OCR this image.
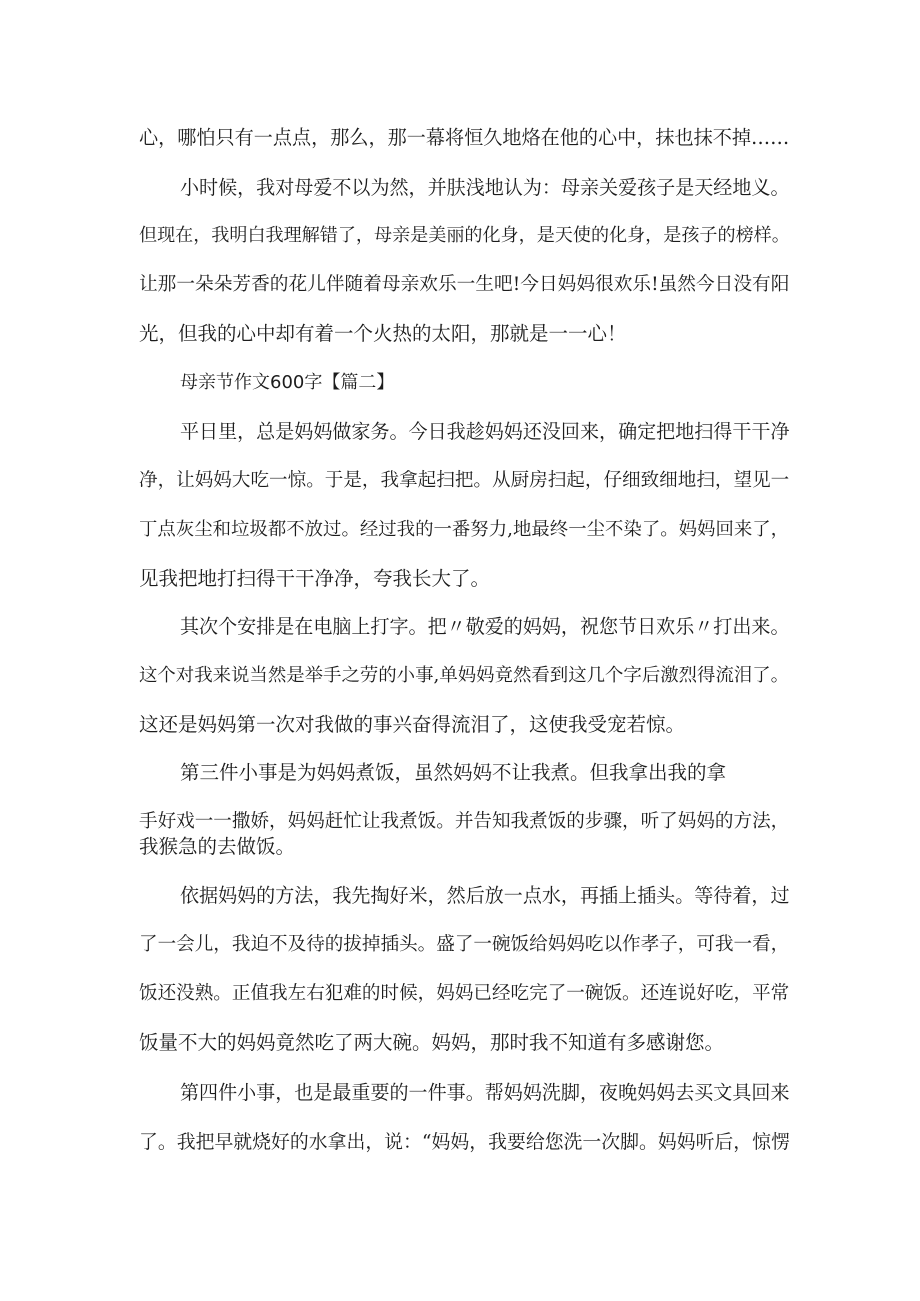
心，哪怕只有一点点，那么，那一幕将恒久地烙在他的心中，抹也抹不掉……
小时候，我对母爱不以为然，并肤浅地认为：母亲关爱孩子是天经地义。
但现在，我明白我理解错了，母亲是美丽的化身，是天使的化身，是孩子的榜样。
让那一朵朵芳香的花儿伴随着母亲欢乐一生吧!今日妈妈很欢乐!虽然今日没有阳
光，但我的心中却有着一个火热的太阳，那就是一一心！
母亲节作文600字【篇二】
平日里，总是妈妈做家务。今日我趁妈妈还没回来，确定把地扫得干干净
净，让妈妈大吃一惊。于是，我拿起扫把。从厨房扫起，仔细致细地扫，望见一
丁点灰尘和垃圾都不放过。经过我的一番努力,地最终一尘不染了。妈妈回来了，
见我把地打扫得干干净净，夸我长大了。
其次个安排是在电脑上打字。把〃敬爱的妈妈，祝您节日欢乐〃打出来。
这个对我来说当然是举手之劳的小事,单妈妈竟然看到这几个字后激烈得流泪了。
这还是妈妈第一次对我做的事兴奋得流泪了，这使我受宠若惊。
第三件小事是为妈妈煮饭，虽然妈妈不让我煮。但我拿出我的拿
手好戏一一撒娇，妈妈赶忙让我煮饭。并告知我煮饭的步骤，听了妈妈的方法，
我猴急的去做饭。
依据妈妈的方法，我先掏好米，然后放一点水，再插上插头。等待着，过
了一会儿，我迫不及待的拔掉插头。盛了一碗饭给妈妈吃以作孝子，可我一看，
饭还没熟。正值我左右犯难的时候，妈妈已经吃完了一碗饭。还连说好吃，平常
饭量不大的妈妈竟然吃了两大碗。妈妈，那时我不知道有多感谢您。
第四件小事，也是最重要的一件事。帮妈妈洗脚，夜晚妈妈去买文具回来
了。我把早就烧好的水拿出，说：“妈妈，我要给您洗一次脚。妈妈听后，惊愣
